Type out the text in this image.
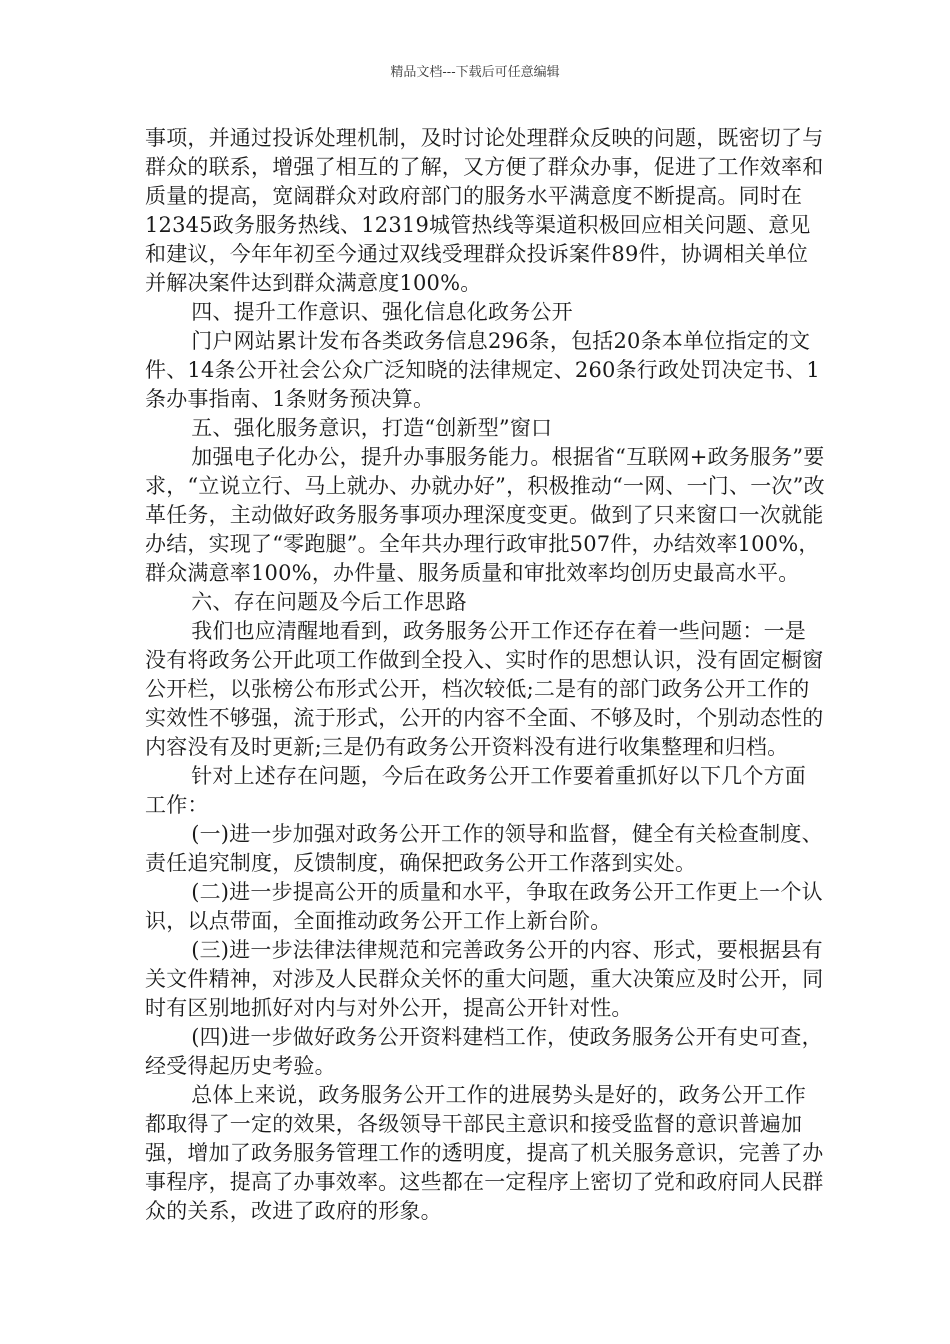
精品文档---下载后可任意编辑

事项，并通过投诉处理机制，及时讨论处理群众反映的问题，既密切了与群众的联系，增强了相互的了解，又方便了群众办事，促进了工作效率和质量的提高，宽阔群众对政府部门的服务水平满意度不断提高。同时在12345政务服务热线、12319城管热线等渠道积极回应相关问题、意见和建议，今年年初至今通过双线受理群众投诉案件89件，协调相关单位并解决案件达到群众满意度100%。

四、提升工作意识、强化信息化政务公开

门户网站累计发布各类政务信息296条，包括20条本单位指定的文件、14条公开社会公众广泛知晓的法律规定、260条行政处罚决定书、1条办事指南、1条财务预决算。

五、强化服务意识，打造“创新型”窗口

加强电子化办公，提升办事服务能力。根据省“互联网+政务服务”要求，“立说立行、马上就办、办就办好”，积极推动“一网、一门、一次”改革任务，主动做好政务服务事项办理深度变更。做到了只来窗口一次就能办结，实现了“零跑腿”。全年共办理行政审批507件，办结效率100%，群众满意率100%，办件量、服务质量和审批效率均创历史最高水平。

六、存在问题及今后工作思路

我们也应清醒地看到，政务服务公开工作还存在着一些问题：一是没有将政务公开此项工作做到全投入、实时作的思想认识，没有固定橱窗公开栏，以张榜公布形式公开，档次较低;二是有的部门政务公开工作的实效性不够强，流于形式，公开的内容不全面、不够及时，个别动态性的内容没有及时更新;三是仍有政务公开资料没有进行收集整理和归档。

针对上述存在问题，今后在政务公开工作要着重抓好以下几个方面工作：

(一)进一步加强对政务公开工作的领导和监督，健全有关检查制度、责任追究制度，反馈制度，确保把政务公开工作落到实处。

(二)进一步提高公开的质量和水平，争取在政务公开工作更上一个认识，以点带面，全面推动政务公开工作上新台阶。

(三)进一步法律法律规范和完善政务公开的内容、形式，要根据县有关文件精神，对涉及人民群众关怀的重大问题，重大决策应及时公开，同时有区别地抓好对内与对外公开，提高公开针对性。

(四)进一步做好政务公开资料建档工作，使政务服务公开有史可查，经受得起历史考验。

总体上来说，政务服务公开工作的进展势头是好的，政务公开工作都取得了一定的效果，各级领导干部民主意识和接受监督的意识普遍加强，增加了政务服务管理工作的透明度，提高了机关服务意识，完善了办事程序，提高了办事效率。这些都在一定程序上密切了党和政府同人民群众的关系，改进了政府的形象。
